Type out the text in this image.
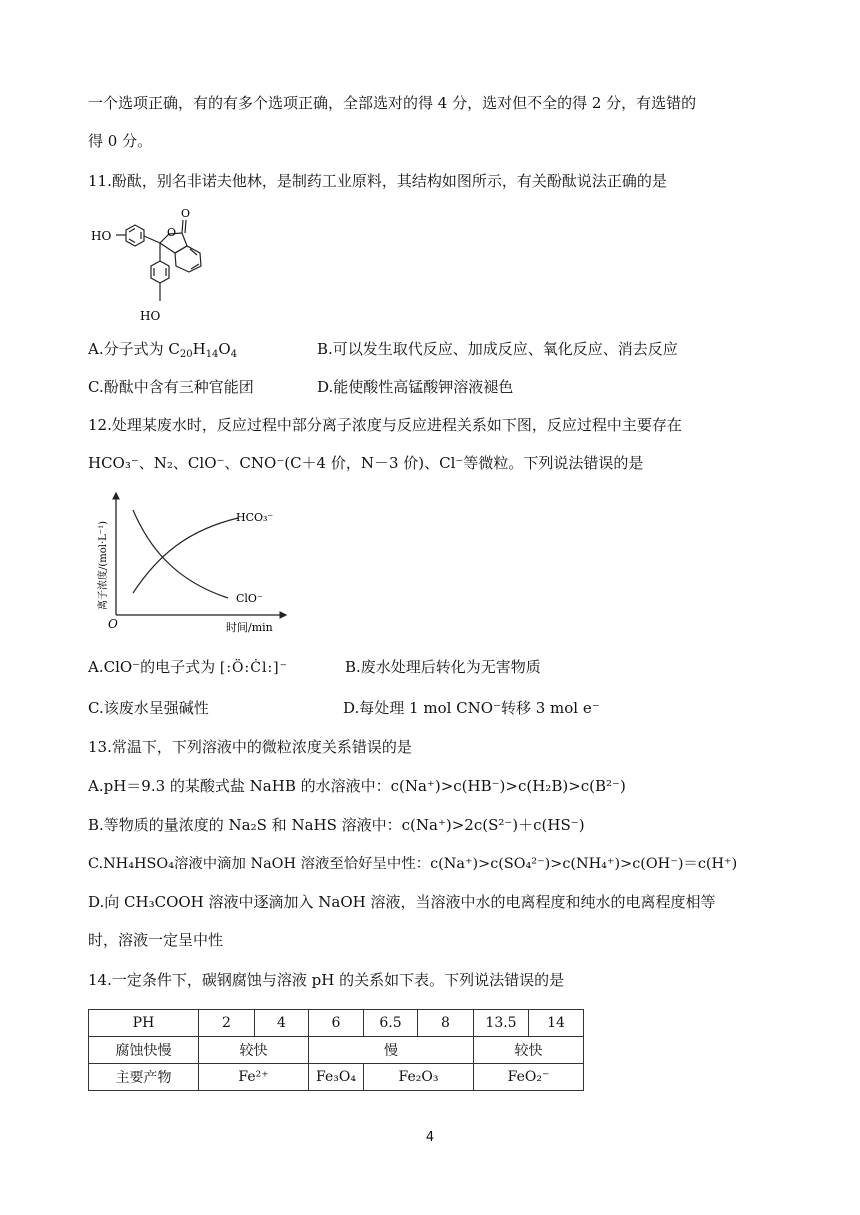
一个选项正确，有的有多个选项正确，全部选对的得 4 分，选对但不全的得 2 分，有选错的
得 0 分。
11.酚酞，别名非诺夫他林，是制药工业原料，其结构如图所示，有关酚酞说法正确的是
HO	O
O
HO
A.分子式为 $C_{20}H_{14}O_4$	B.可以发生取代反应、加成反应、氧化反应、消去反应
C.酚酞中含有三种官能团	D.能使酸性高锰酸钾溶液褪色
12.处理某废水时，反应过程中部分离子浓度与反应进程关系如下图，反应过程中主要存在
HCO₃⁻、N₂、ClO⁻、CNO⁻(C＋4 价，N－3 价)、Cl⁻等微粒。下列说法错误的是
HCO₃⁻
ClO⁻
O	时间/min
离子浓度/(mol·L⁻¹)
A.ClO⁻的电子式为 [:Ö:Ċl:]⁻	B.废水处理后转化为无害物质
C.该废水呈强碱性	D.每处理 1 mol CNO⁻转移 3 mol e⁻
13.常温下，下列溶液中的微粒浓度关系错误的是
A.pH＝9.3 的某酸式盐 NaHB 的水溶液中：c(Na⁺)>c(HB⁻)>c(H₂B)>c(B²⁻)
B.等物质的量浓度的 Na₂S 和 NaHS 溶液中：c(Na⁺)>2c(S²⁻)＋c(HS⁻)
C.NH₄HSO₄溶液中滴加 NaOH 溶液至恰好呈中性：c(Na⁺)>c(SO₄²⁻)>c(NH₄⁺)>c(OH⁻)＝c(H⁺)
D.向 CH₃COOH 溶液中逐滴加入 NaOH 溶液，当溶液中水的电离程度和纯水的电离程度相等
时，溶液一定呈中性
14.一定条件下，碳钢腐蚀与溶液 pH 的关系如下表。下列说法错误的是
PH	2	4	6	6.5	8	13.5	14
腐蚀快慢	较快		慢			较快	
主要产物	Fe²⁺		Fe₃O₄	Fe₂O₃		FeO₂⁻	
4
